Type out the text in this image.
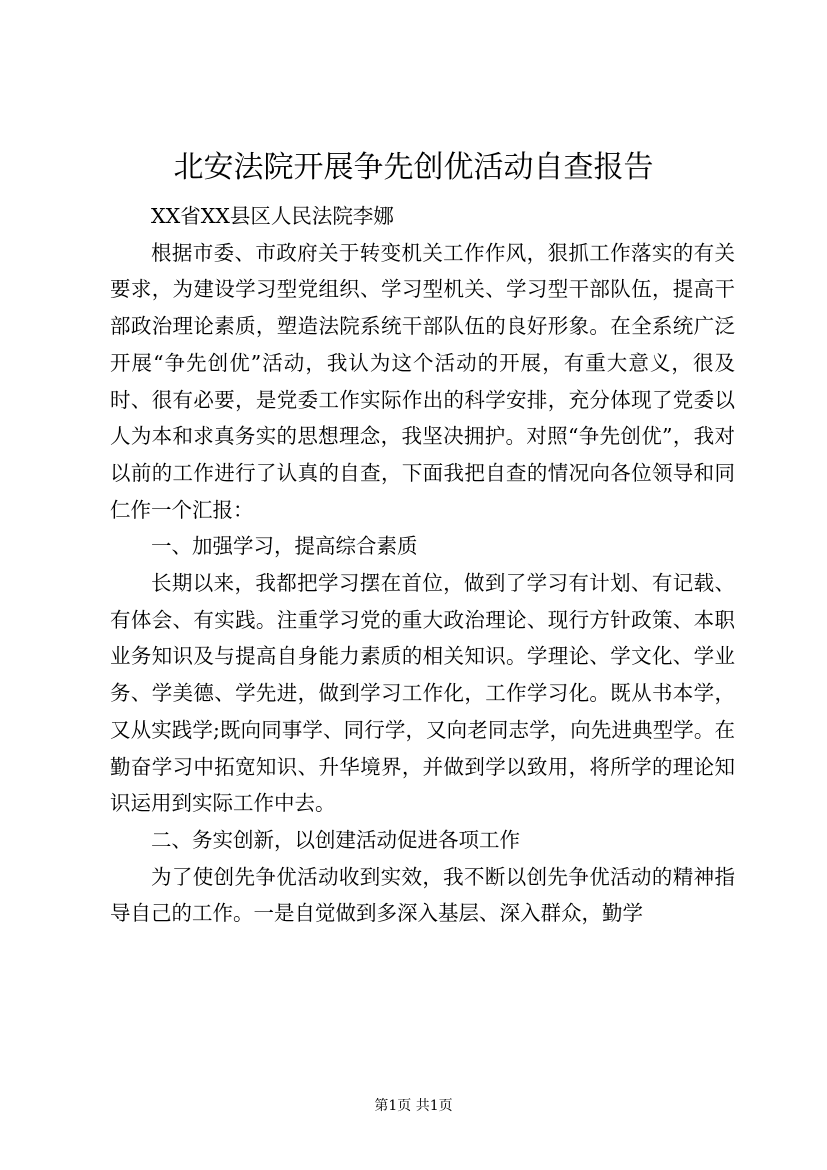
北安法院开展争先创优活动自查报告

XX省XX县区人民法院李娜

根据市委、市政府关于转变机关工作作风，狠抓工作落实的有关要求，为建设学习型党组织、学习型机关、学习型干部队伍，提高干部政治理论素质，塑造法院系统干部队伍的良好形象。在全系统广泛开展“争先创优”活动，我认为这个活动的开展，有重大意义，很及时、很有必要，是党委工作实际作出的科学安排，充分体现了党委以人为本和求真务实的思想理念，我坚决拥护。对照“争先创优”，我对以前的工作进行了认真的自查，下面我把自查的情况向各位领导和同仁作一个汇报：

一、加强学习，提高综合素质

长期以来，我都把学习摆在首位，做到了学习有计划、有记载、有体会、有实践。注重学习党的重大政治理论、现行方针政策、本职业务知识及与提高自身能力素质的相关知识。学理论、学文化、学业务、学美德、学先进，做到学习工作化，工作学习化。既从书本学，又从实践学;既向同事学、同行学，又向老同志学，向先进典型学。在勤奋学习中拓宽知识、升华境界，并做到学以致用，将所学的理论知识运用到实际工作中去。

二、务实创新，以创建活动促进各项工作

为了使创先争优活动收到实效，我不断以创先争优活动的精神指导自己的工作。一是自觉做到多深入基层、深入群众，勤学

第1页 共1页
